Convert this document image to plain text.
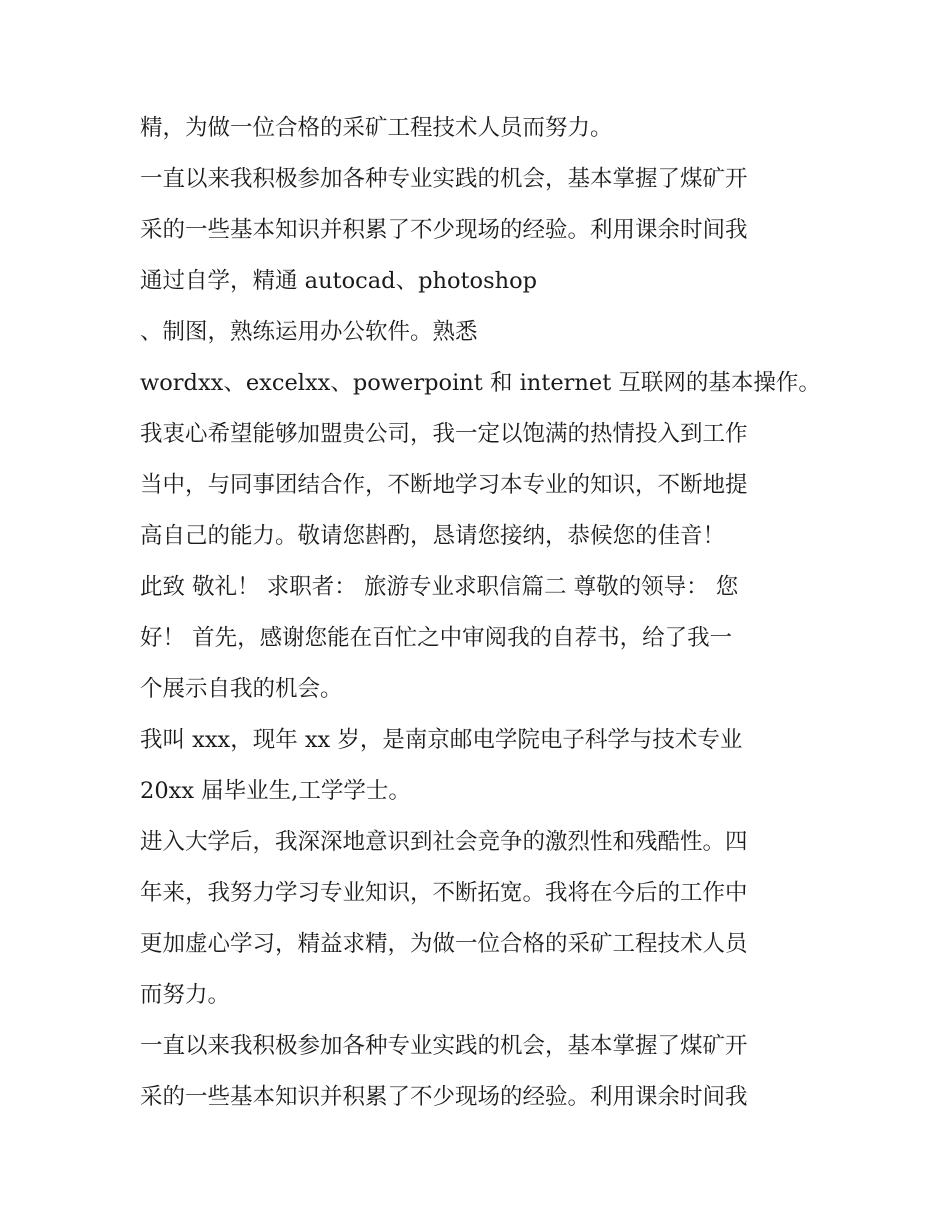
精，为做一位合格的采矿工程技术人员而努力。
一直以来我积极参加各种专业实践的机会，基本掌握了煤矿开
采的一些基本知识并积累了不少现场的经验。利用课余时间我
通过自学，精通 autocad、photoshop
、制图，熟练运用办公软件。熟悉
wordxx、excelxx、powerpoint 和 internet 互联网的基本操作。
我衷心希望能够加盟贵公司，我一定以饱满的热情投入到工作
当中，与同事团结合作，不断地学习本专业的知识，不断地提
高自己的能力。敬请您斟酌，恳请您接纳，恭候您的佳音！
此致 敬礼！ 求职者： 旅游专业求职信篇二 尊敬的领导： 您
好！ 首先，感谢您能在百忙之中审阅我的自荐书，给了我一
个展示自我的机会。
我叫 xxx，现年 xx 岁，是南京邮电学院电子科学与技术专业
20xx 届毕业生,工学学士。
进入大学后，我深深地意识到社会竞争的激烈性和残酷性。四
年来，我努力学习专业知识，不断拓宽。我将在今后的工作中
更加虚心学习，精益求精，为做一位合格的采矿工程技术人员
而努力。
一直以来我积极参加各种专业实践的机会，基本掌握了煤矿开
采的一些基本知识并积累了不少现场的经验。利用课余时间我
